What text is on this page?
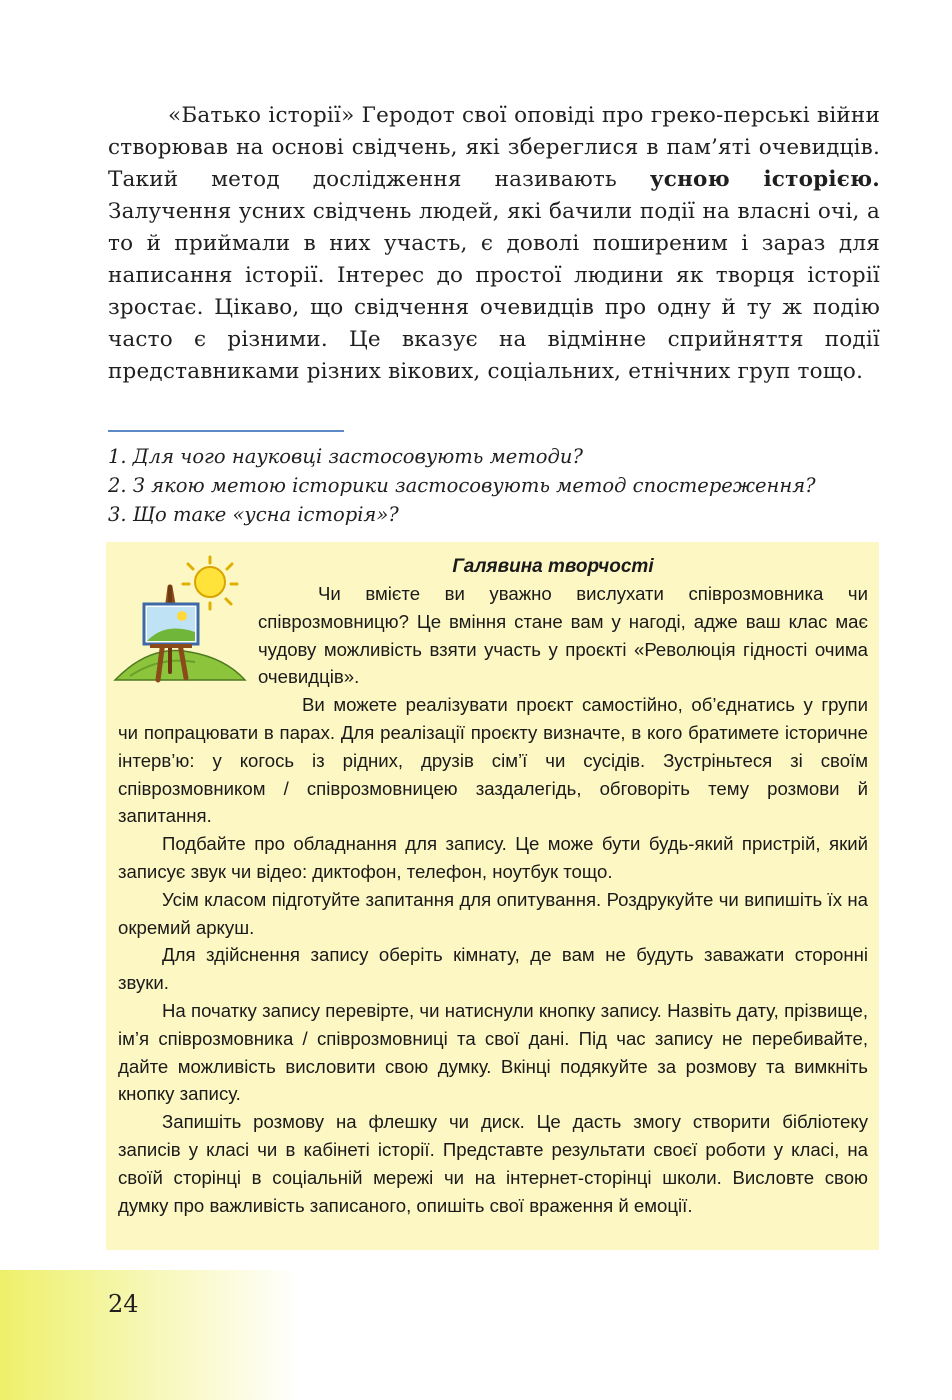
«Батько історії» Геродот свої оповіді про греко-перські війни створював на основі свідчень, які збереглися в пам’яті очевидців. Такий метод дослідження називають усною історією. Залучення усних свідчень людей, які бачили події на власні очі, а то й приймали в них участь, є доволі поширеним і зараз для написання історії. Інтерес до простої людини як творця історії зростає. Цікаво, що свідчення очевидців про одну й ту ж подію часто є різними. Це вказує на відмінне сприйняття події представниками різних вікових, соціальних, етнічних груп тощо.

1. Для чого науковці застосовують методи?
2. З якою метою історики застосовують метод спостереження?
3. Що таке «усна історія»?
Галявина творчості

Чи вмієте ви уважно вислухати співрозмовника чи співрозмовницю? Це вміння стане вам у нагоді, адже ваш клас має чудову можливість взяти участь у проєкті «Революція гідності очима очевидців».

Ви можете реалізувати проєкт самостійно, об’єднатись у групи чи попрацювати в парах. Для реалізації проєкту визначте, в кого братимете історичне інтерв’ю: у когось із рідних, друзів сім’ї чи сусідів. Зустріньтеся зі своїм співрозмовником / співрозмовницею заздалегідь, обговоріть тему розмови й запитання.

Подбайте про обладнання для запису. Це може бути будь-який пристрій, який записує звук чи відео: диктофон, телефон, ноутбук тощо.

Усім класом підготуйте запитання для опитування. Роздрукуйте чи випишіть їх на окремий аркуш.

Для здійснення запису оберіть кімнату, де вам не будуть заважати сторонні звуки.

На початку запису перевірте, чи натиснули кнопку запису. Назвіть дату, прізвище, ім’я співрозмовника / співрозмовниці та свої дані. Під час запису не перебивайте, дайте можливість висловити свою думку. Вкінці подякуйте за розмову та вимкніть кнопку запису.

Запишіть розмову на флешку чи диск. Це дасть змогу створити бібліотеку записів у класі чи в кабінеті історії. Представте результати своєї роботи у класі, на своїй сторінці в соціальній мережі чи на інтернет-сторінці школи. Висловте свою думку про важливість записаного, опишіть свої враження й емоції.

24
